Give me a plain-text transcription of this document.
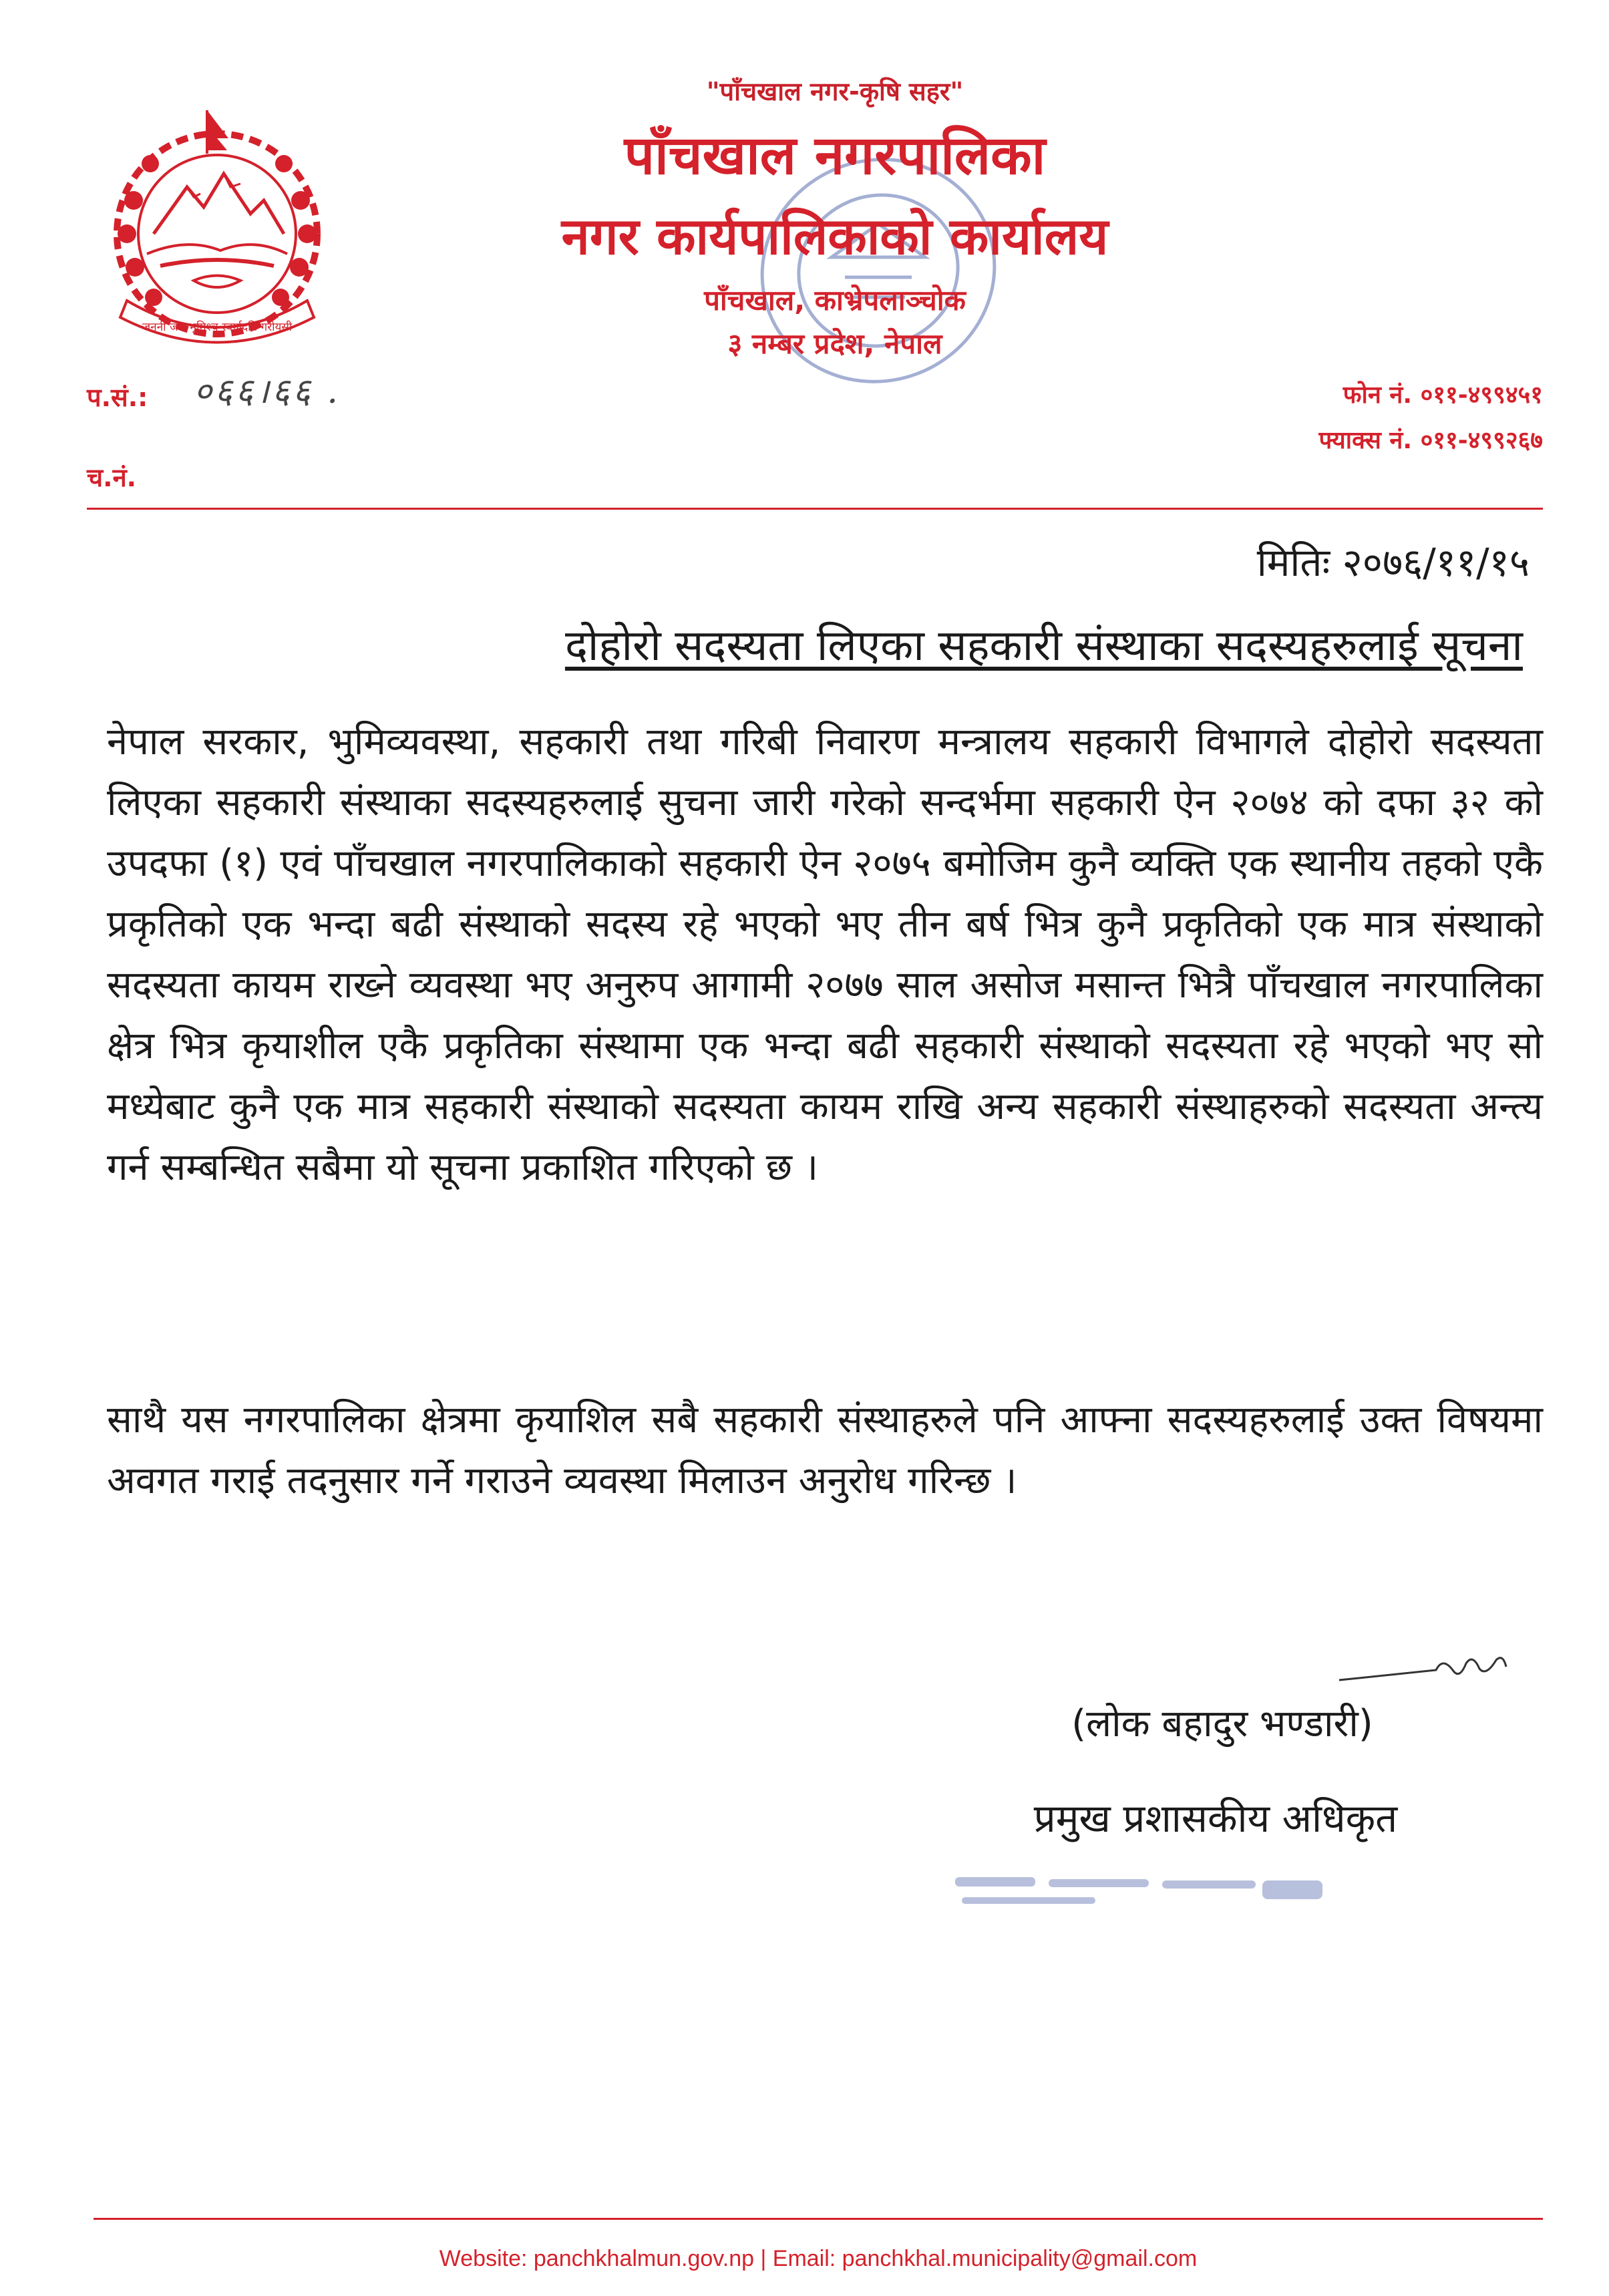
जननी जन्मभूमिश्च स्वर्गादपि गरीयसी
"पाँचखाल नगर-कृषि सहर"
पाँचखाल नगरपालिका
नगर कार्यपालिकाको कार्यालय
पाँचखाल, काभ्रेपलाञ्चोक
३ नम्बर प्रदेश, नेपाल
प.सं.: ०६६।६६ .
च.नं.
फोन नं. ०११-४९९४५१
फ्याक्स नं. ०११-४९९२६७
मितिः २०७६/११/१५
दोहोरो सदस्यता लिएका सहकारी संस्थाका सदस्यहरुलाई सूचना
नेपाल सरकार, भुमिव्यवस्था, सहकारी तथा गरिबी निवारण मन्त्रालय सहकारी विभागले दोहोरो सदस्यता लिएका सहकारी संस्थाका सदस्यहरुलाई सुचना जारी गरेको सन्दर्भमा सहकारी ऐन २०७४ को दफा ३२ को उपदफा (१) एवं पाँचखाल नगरपालिकाको सहकारी ऐन २०७५ बमोजिम कुनै व्यक्ति एक स्थानीय तहको एकै प्रकृतिको एक भन्दा बढी संस्थाको सदस्य रहे भएको भए तीन बर्ष भित्र कुनै प्रकृतिको एक मात्र संस्थाको सदस्यता कायम राख्ने व्यवस्था भए अनुरुप आगामी २०७७ साल असोज मसान्त भित्रै पाँचखाल नगरपालिका क्षेत्र भित्र कृयाशील एकै प्रकृतिका संस्थामा एक भन्दा बढी सहकारी संस्थाको सदस्यता रहे भएको भए सो मध्येबाट कुनै एक मात्र सहकारी संस्थाको सदस्यता कायम राखि अन्य सहकारी संस्थाहरुको सदस्यता अन्त्य गर्न सम्बन्धित सबैमा यो सूचना प्रकाशित गरिएको छ ।
साथै यस नगरपालिका क्षेत्रमा कृयाशिल सबै सहकारी संस्थाहरुले पनि आफ्ना सदस्यहरुलाई उक्त विषयमा अवगत गराई तदनुसार गर्ने गराउने व्यवस्था मिलाउन अनुरोध गरिन्छ ।
(लोक बहादुर भण्डारी)
प्रमुख प्रशासकीय अधिकृत
Website: panchkhalmun.gov.np | Email: panchkhal.municipality@gmail.com
